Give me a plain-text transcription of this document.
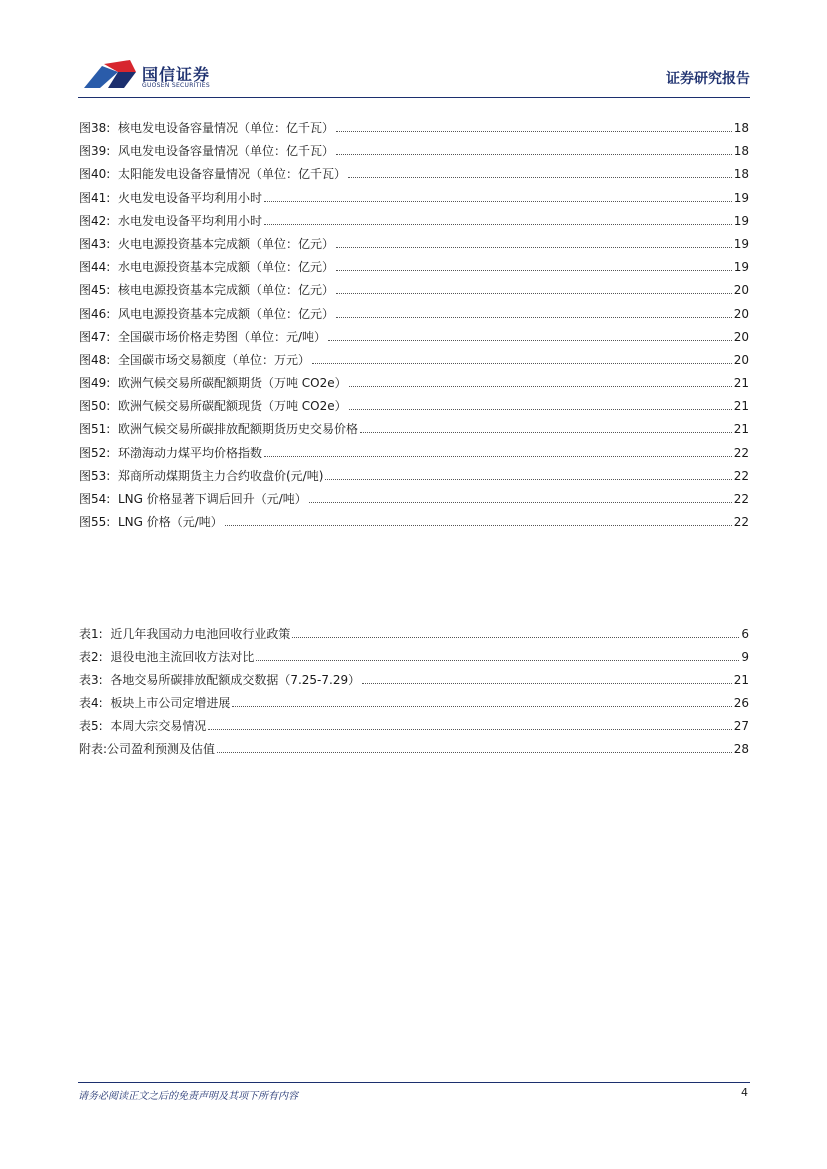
国信证券
GUOSEN SECURITIES	证券研究报告
图38: 核电发电设备容量情况（单位：亿千瓦）	18
图39: 风电发电设备容量情况（单位：亿千瓦）	18
图40: 太阳能发电设备容量情况（单位：亿千瓦）	18
图41: 火电发电设备平均利用小时	19
图42: 水电发电设备平均利用小时	19
图43: 火电电源投资基本完成额（单位：亿元）	19
图44: 水电电源投资基本完成额（单位：亿元）	19
图45: 核电电源投资基本完成额（单位：亿元）	20
图46: 风电电源投资基本完成额（单位：亿元）	20
图47: 全国碳市场价格走势图（单位：元/吨）	20
图48: 全国碳市场交易额度（单位：万元）	20
图49: 欧洲气候交易所碳配额期货（万吨 CO2e）	21
图50: 欧洲气候交易所碳配额现货（万吨 CO2e）	21
图51: 欧洲气候交易所碳排放配额期货历史交易价格	21
图52: 环渤海动力煤平均价格指数	22
图53: 郑商所动煤期货主力合约收盘价(元/吨)	22
图54: LNG 价格显著下调后回升（元/吨）	22
图55: LNG 价格（元/吨）	22
表1: 近几年我国动力电池回收行业政策	6
表2: 退役电池主流回收方法对比	9
表3: 各地交易所碳排放配额成交数据（7.25-7.29）	21
表4: 板块上市公司定增进展	26
表5: 本周大宗交易情况	27
附表:公司盈利预测及估值	28
请务必阅读正文之后的免责声明及其项下所有内容	4
